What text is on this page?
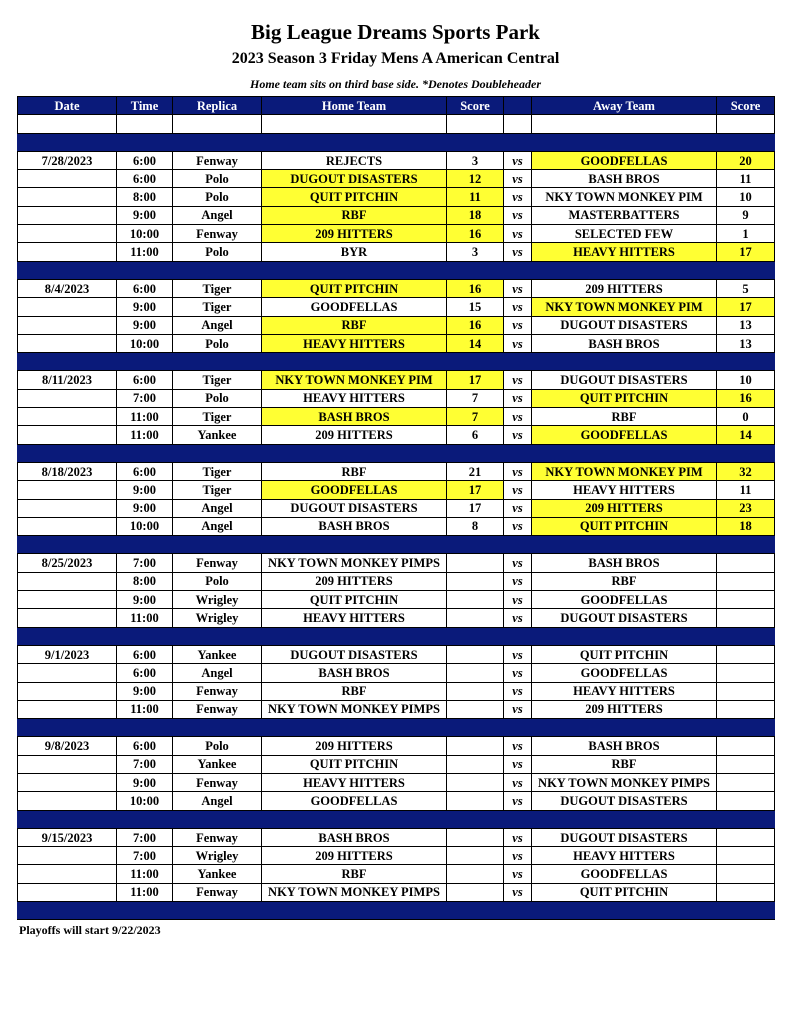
Big League Dreams Sports Park
2023 Season 3 Friday Mens A American Central
Home team sits on third base side. *Denotes Doubleheader
Date	Time	Replica	Home Team	Score		Away Team	Score

7/28/2023	6:00	Fenway	REJECTS	3	vs	GOODFELLAS	20
	6:00	Polo	DUGOUT DISASTERS	12	vs	BASH BROS	11
	8:00	Polo	QUIT PITCHIN	11	vs	NKY TOWN MONKEY PIM	10
	9:00	Angel	RBF	18	vs	MASTERBATTERS	9
	10:00	Fenway	209 HITTERS	16	vs	SELECTED FEW	1
	11:00	Polo	BYR	3	vs	HEAVY HITTERS	17

8/4/2023	6:00	Tiger	QUIT PITCHIN	16	vs	209 HITTERS	5
	9:00	Tiger	GOODFELLAS	15	vs	NKY TOWN MONKEY PIM	17
	9:00	Angel	RBF	16	vs	DUGOUT DISASTERS	13
	10:00	Polo	HEAVY HITTERS	14	vs	BASH BROS	13

8/11/2023	6:00	Tiger	NKY TOWN MONKEY PIM	17	vs	DUGOUT DISASTERS	10
	7:00	Polo	HEAVY HITTERS	7	vs	QUIT PITCHIN	16
	11:00	Tiger	BASH BROS	7	vs	RBF	0
	11:00	Yankee	209 HITTERS	6	vs	GOODFELLAS	14

8/18/2023	6:00	Tiger	RBF	21	vs	NKY TOWN MONKEY PIM	32
	9:00	Tiger	GOODFELLAS	17	vs	HEAVY HITTERS	11
	9:00	Angel	DUGOUT DISASTERS	17	vs	209 HITTERS	23
	10:00	Angel	BASH BROS	8	vs	QUIT PITCHIN	18

8/25/2023	7:00	Fenway	NKY TOWN MONKEY PIMPS		vs	BASH BROS	
	8:00	Polo	209 HITTERS		vs	RBF	
	9:00	Wrigley	QUIT PITCHIN		vs	GOODFELLAS	
	11:00	Wrigley	HEAVY HITTERS		vs	DUGOUT DISASTERS	

9/1/2023	6:00	Yankee	DUGOUT DISASTERS		vs	QUIT PITCHIN	
	6:00	Angel	BASH BROS		vs	GOODFELLAS	
	9:00	Fenway	RBF		vs	HEAVY HITTERS	
	11:00	Fenway	NKY TOWN MONKEY PIMPS		vs	209 HITTERS	

9/8/2023	6:00	Polo	209 HITTERS		vs	BASH BROS	
	7:00	Yankee	QUIT PITCHIN		vs	RBF	
	9:00	Fenway	HEAVY HITTERS		vs	NKY TOWN MONKEY PIMPS	
	10:00	Angel	GOODFELLAS		vs	DUGOUT DISASTERS	

9/15/2023	7:00	Fenway	BASH BROS		vs	DUGOUT DISASTERS	
	7:00	Wrigley	209 HITTERS		vs	HEAVY HITTERS	
	11:00	Yankee	RBF		vs	GOODFELLAS	
	11:00	Fenway	NKY TOWN MONKEY PIMPS		vs	QUIT PITCHIN	

Playoffs will start 9/22/2023
